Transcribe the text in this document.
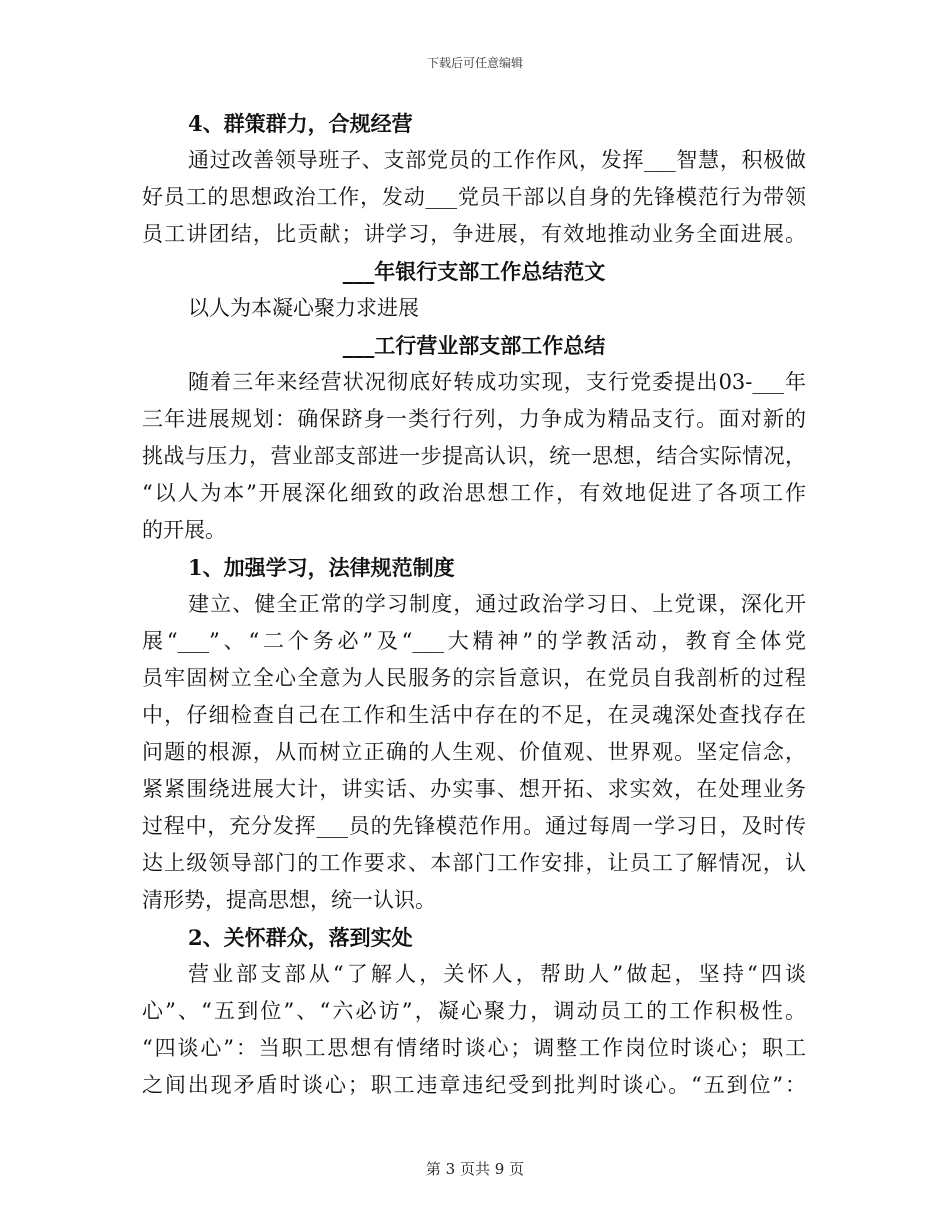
下载后可任意编辑
4、群策群力，合规经营
通过改善领导班子、支部党员的工作作风，发挥___智慧，积极做
好员工的思想政治工作，发动___党员干部以自身的先锋模范行为带领
员工讲团结，比贡献；讲学习，争进展，有效地推动业务全面进展。
___年银行支部工作总结范文
以人为本凝心聚力求进展
___工行营业部支部工作总结
随着三年来经营状况彻底好转成功实现，支行党委提出03-___年
三年进展规划：确保跻身一类行行列，力争成为精品支行。面对新的
挑战与压力，营业部支部进一步提高认识，统一思想，结合实际情况，
“以人为本”开展深化细致的政治思想工作，有效地促进了各项工作
的开展。
1、加强学习，法律规范制度
建立、健全正常的学习制度，通过政治学习日、上党课，深化开
展“___”、“二个务必”及“___大精神”的学教活动，教育全体党
员牢固树立全心全意为人民服务的宗旨意识，在党员自我剖析的过程
中，仔细检查自己在工作和生活中存在的不足，在灵魂深处查找存在
问题的根源，从而树立正确的人生观、价值观、世界观。坚定信念，
紧紧围绕进展大计，讲实话、办实事、想开拓、求实效，在处理业务
过程中，充分发挥___员的先锋模范作用。通过每周一学习日，及时传
达上级领导部门的工作要求、本部门工作安排，让员工了解情况，认
清形势，提高思想，统一认识。
2、关怀群众，落到实处
营业部支部从“了解人，关怀人，帮助人”做起，坚持“四谈
心”、“五到位”、“六必访”，凝心聚力，调动员工的工作积极性。
“四谈心”：当职工思想有情绪时谈心；调整工作岗位时谈心；职工
之间出现矛盾时谈心；职工违章违纪受到批判时谈心。“五到位”：
第 3 页共 9 页
